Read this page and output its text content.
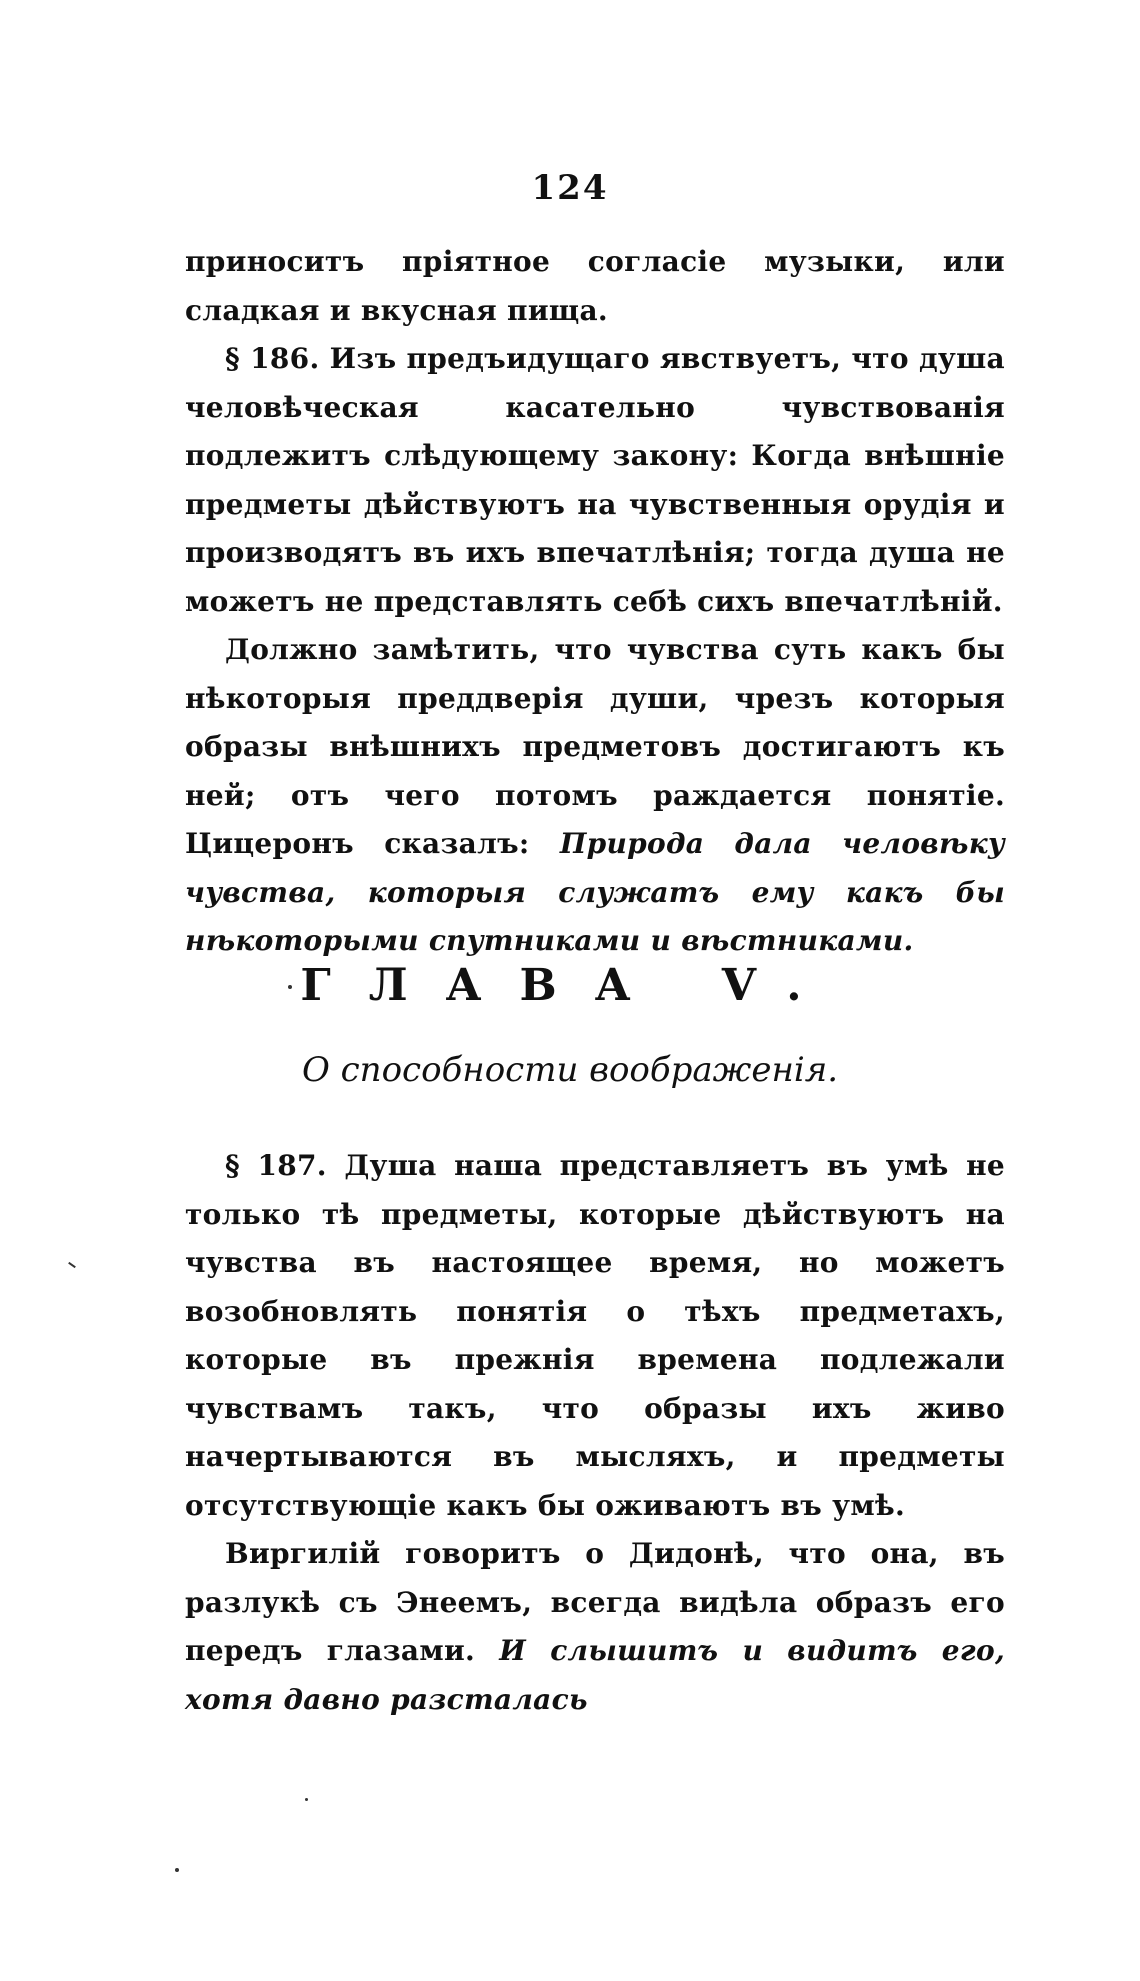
124

приноситъ пріятное согласіе музыки, или сладкая и вкусная пища.

§ 186. Изъ предъидущаго явствуетъ, что душа человѣческая касательно чувствованія подлежитъ слѣдующему закону: Когда внѣшніе предметы дѣйствуютъ на чувственныя орудія и производятъ въ ихъ впечатлѣнія; тогда душа не можетъ не представлять себѣ сихъ впечатлѣній.

Должно замѣтить, что чувства суть какъ бы нѣкоторыя преддверія души, чрезъ которыя образы внѣшнихъ предметовъ достигаютъ къ ней; отъ чего потомъ раждается понятіе. Цицеронъ сказалъ: Природа дала человѣку чувства, которыя служатъ ему какъ бы нѣкоторыми спутниками и вѣстниками.

ГЛАВА V.
О способности воображенія.

§ 187. Душа наша представляетъ въ умѣ не только тѣ предметы, которые дѣйствуютъ на чувства въ настоящее время, но можетъ возобновлять понятія о тѣхъ предметахъ, которые въ прежнія времена подлежали чувствамъ такъ, что образы ихъ живо начертываются въ мысляхъ, и предметы отсутствующіе какъ бы оживаютъ въ умѣ.

Виргилій говоритъ о Дидонѣ, что она, въ разлукѣ съ Энеемъ, всегда видѣла образъ его передъ глазами. И слышитъ и видитъ его, хотя давно разсталась
